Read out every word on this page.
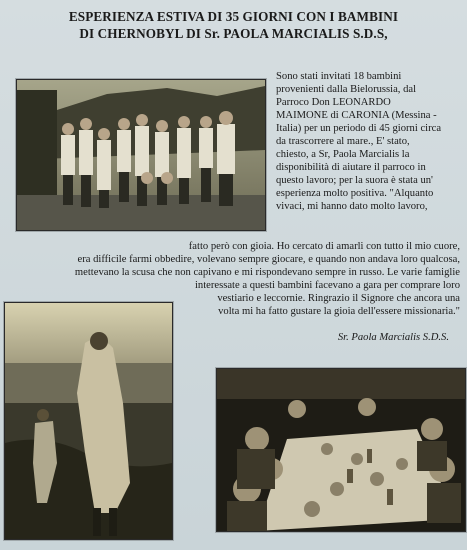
ESPERIENZA ESTIVA DI 35 GIORNI CON I BAMBINI
DI CHERNOBYL DI Sr. PAOLA MARCIALIS S.D.S,
Sono stati invitati 18 bambini
provenienti dalla Bielorussia, dal
Parroco Don LEONARDO
MAIMONE di CARONIA (Messina -
Italia) per un periodo di 45 giorni circa
da trascorrere al mare., E' stato,
chiesto, a Sr, Paola Marcialis la
disponibilità di aiutare il parroco in
questo lavoro; per la suora è stata un'
esperienza molto positiva. "Alquanto
vivaci, mi hanno dato molto lavoro,
fatto però con gioia. Ho cercato di amarli con tutto il mio cuore,
era difficile farmi obbedire, volevano sempre giocare, e quando non andava loro qualcosa,
mettevano la scusa che non capivano e mi rispondevano sempre in russo. Le varie famiglie
interessate a questi bambini facevano a gara per comprare loro
vestiario e leccornie. Ringrazio il Signore che ancora una
volta mi ha fatto gustare la gioia dell'essere missionaria."
Sr. Paola Marcialis S.D.S.
